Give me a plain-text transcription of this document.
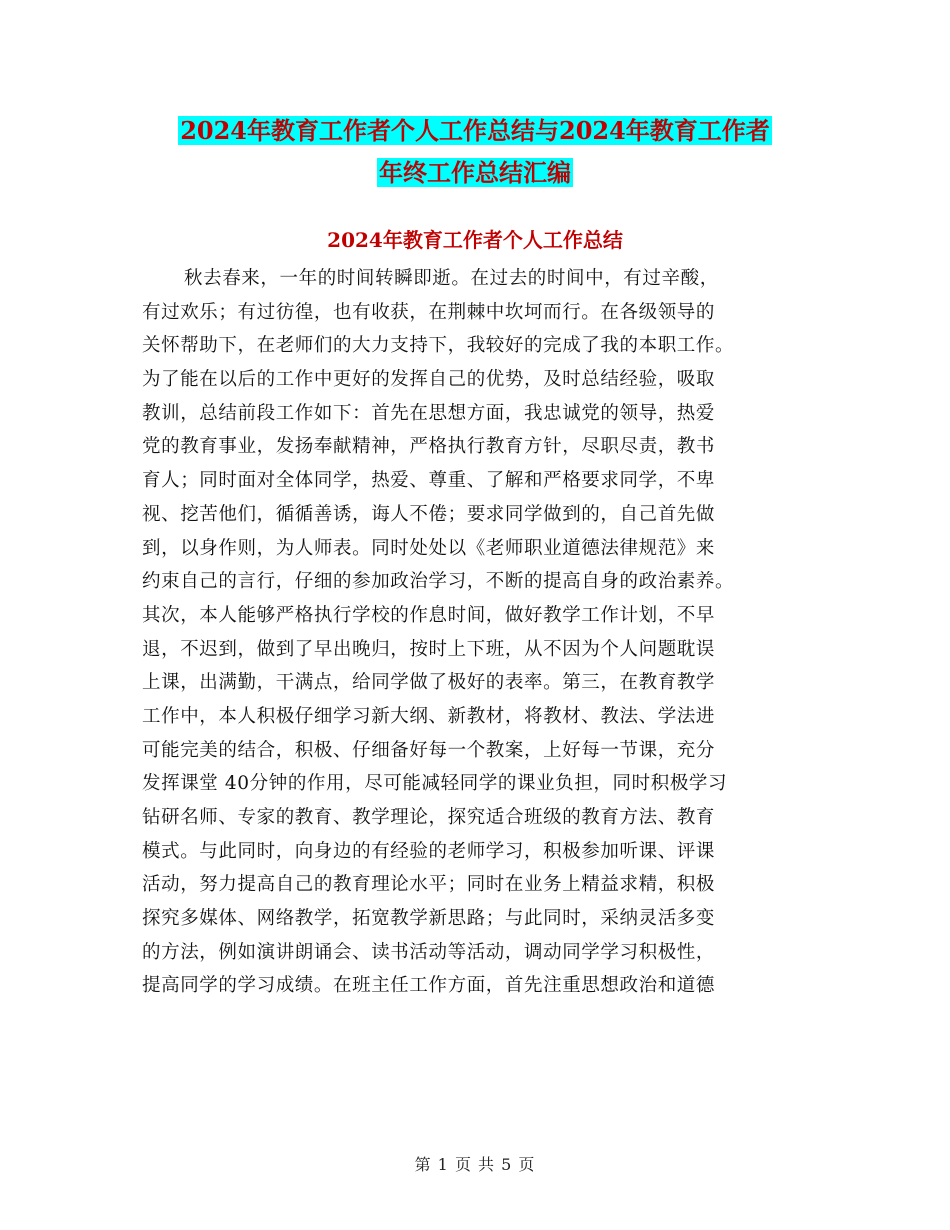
2024年教育工作者个人工作总结与2024年教育工作者
年终工作总结汇编
2024年教育工作者个人工作总结
秋去春来，一年的时间转瞬即逝。在过去的时间中，有过辛酸，
有过欢乐；有过彷徨，也有收获，在荆棘中坎坷而行。在各级领导的
关怀帮助下，在老师们的大力支持下，我较好的完成了我的本职工作。
为了能在以后的工作中更好的发挥自己的优势，及时总结经验，吸取
教训，总结前段工作如下：首先在思想方面，我忠诚党的领导，热爱
党的教育事业，发扬奉献精神，严格执行教育方针，尽职尽责，教书
育人；同时面对全体同学，热爱、尊重、了解和严格要求同学，不卑
视、挖苦他们，循循善诱，诲人不倦；要求同学做到的，自己首先做
到，以身作则，为人师表。同时处处以《老师职业道德法律规范》来
约束自己的言行，仔细的参加政治学习，不断的提高自身的政治素养。
其次，本人能够严格执行学校的作息时间，做好教学工作计划，不早
退，不迟到，做到了早出晚归，按时上下班，从不因为个人问题耽误
上课，出满勤，干满点，给同学做了极好的表率。第三，在教育教学
工作中，本人积极仔细学习新大纲、新教材，将教材、教法、学法进
可能完美的结合，积极、仔细备好每一个教案，上好每一节课，充分
发挥课堂 40分钟的作用，尽可能减轻同学的课业负担，同时积极学习
钻研名师、专家的教育、教学理论，探究适合班级的教育方法、教育
模式。与此同时，向身边的有经验的老师学习，积极参加听课、评课
活动，努力提高自己的教育理论水平；同时在业务上精益求精，积极
探究多媒体、网络教学，拓宽教学新思路；与此同时，采纳灵活多变
的方法，例如演讲朗诵会、读书活动等活动，调动同学学习积极性，
提高同学的学习成绩。在班主任工作方面，首先注重思想政治和道德
第 1 页 共 5 页
